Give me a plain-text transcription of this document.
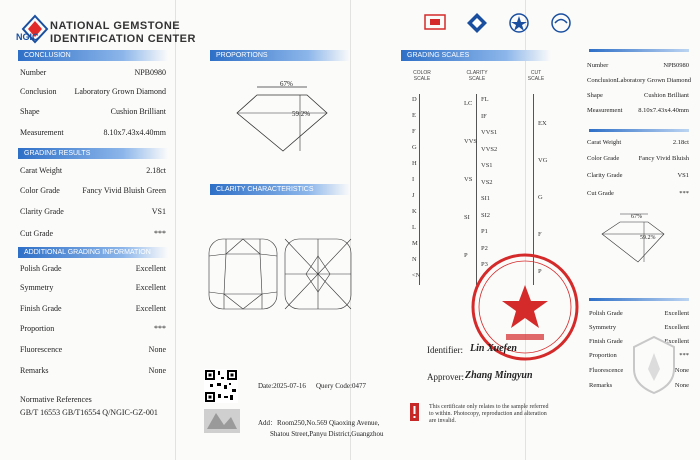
NGIC
NATIONAL GEMSTONE
IDENTIFICATION CENTER
CONCLUSION
Number	NPB0980
Conclusion Laboratory Grown Diamond
Shape	Cushion Brilliant
Measurement	8.10x7.43x4.40mm
GRADING RESULTS
Carat Weight	2.18ct
Color Grade	Fancy Vivid Bluish Green
Clarity Grade	VS1
Cut Grade	***
ADDITIONAL GRADING INFORMATION
Polish Grade	Excellent
Symmetry	Excellent
Finish Grade	Excellent
Proportion	***
Fluorescence	None
Remarks	None
Normative References
GB/T 16553 GB/T16554 Q/NGIC-GZ-001
PROPORTIONS
67%
59.2%
CLARITY CHARACTERISTICS
Date:2025-07-16 Query Code:0477
Add：Room250,No.569 Qiaoxing Avenue,
Shatou Street,Panyu District,Guangzhou
GRADING SCALES
COLOR SCALE
CLARITY SCALE
CUT SCALE
D
E
F
G
H
I
J
K
L
M
N
<N
LC
VVS
VS
SI
P
FL
IF
VVS1
VVS2
VS1
VS2
SI1
SI2
P1
P2
P3
EX
VG
G
F
P
Identifier: Lin Xuefen
Approver: Zhang Mingyun
This certificate only relates to the sample referred
to within. Photocopy, reproduction and alteration
are invalid.
Number	NPB0980
Conclusion Laboratory Grown Diamond
Shape	Cushion Brilliant
Measurement 8.10x7.43x4.40mm
Carat Weight	2.18ct
Color Grade	Fancy Vivid Bluish
Clarity Grade	VS1
Cut Grade	***
67%
59.2%
Polish Grade	Excellent
Symmetry	Excellent
Finish Grade	Excellent
Proportion	***
Fluorescence	None
Remarks	None
